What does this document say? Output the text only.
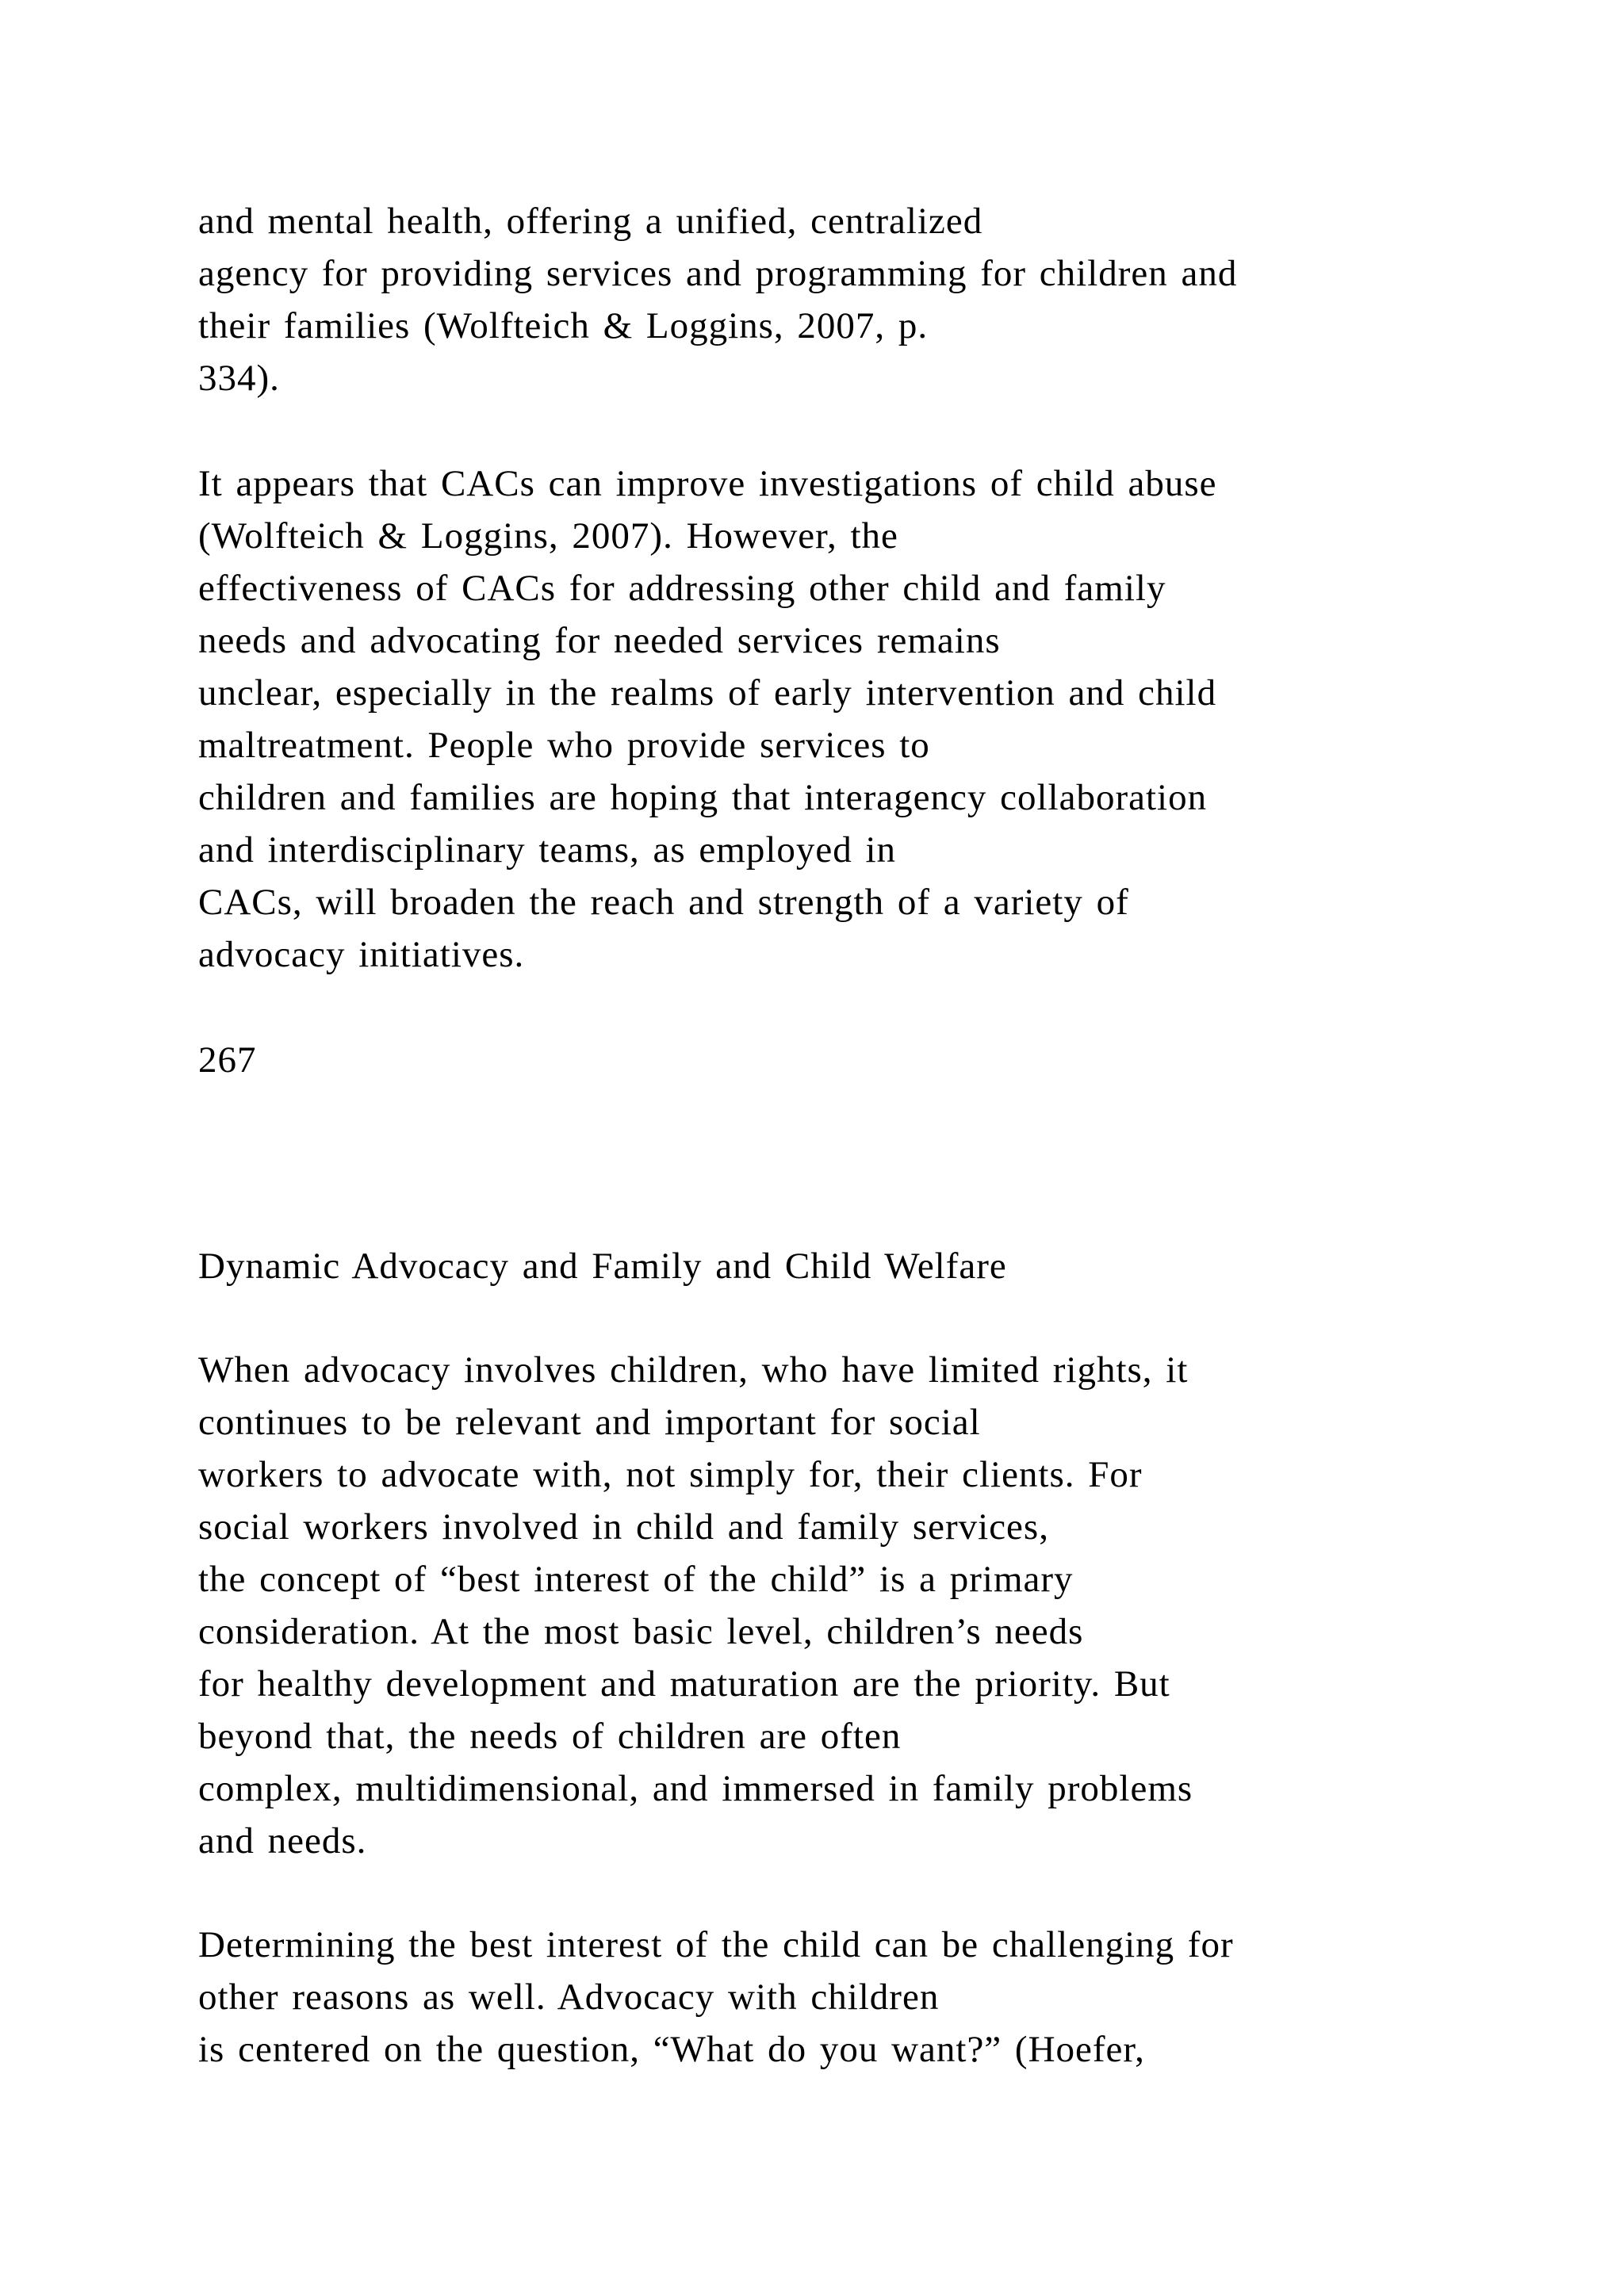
and mental health, offering a unified, centralized
agency for providing services and programming for children and
their families (Wolfteich & Loggins, 2007, p.
334).

It appears that CACs can improve investigations of child abuse
(Wolfteich & Loggins, 2007). However, the
effectiveness of CACs for addressing other child and family
needs and advocating for needed services remains
unclear, especially in the realms of early intervention and child
maltreatment. People who provide services to
children and families are hoping that interagency collaboration
and interdisciplinary teams, as employed in
CACs, will broaden the reach and strength of a variety of
advocacy initiatives.

267

Dynamic Advocacy and Family and Child Welfare

When advocacy involves children, who have limited rights, it
continues to be relevant and important for social
workers to advocate with, not simply for, their clients. For
social workers involved in child and family services,
the concept of “best interest of the child” is a primary
consideration. At the most basic level, children’s needs
for healthy development and maturation are the priority. But
beyond that, the needs of children are often
complex, multidimensional, and immersed in family problems
and needs.

Determining the best interest of the child can be challenging for
other reasons as well. Advocacy with children
is centered on the question, “What do you want?” (Hoefer,
